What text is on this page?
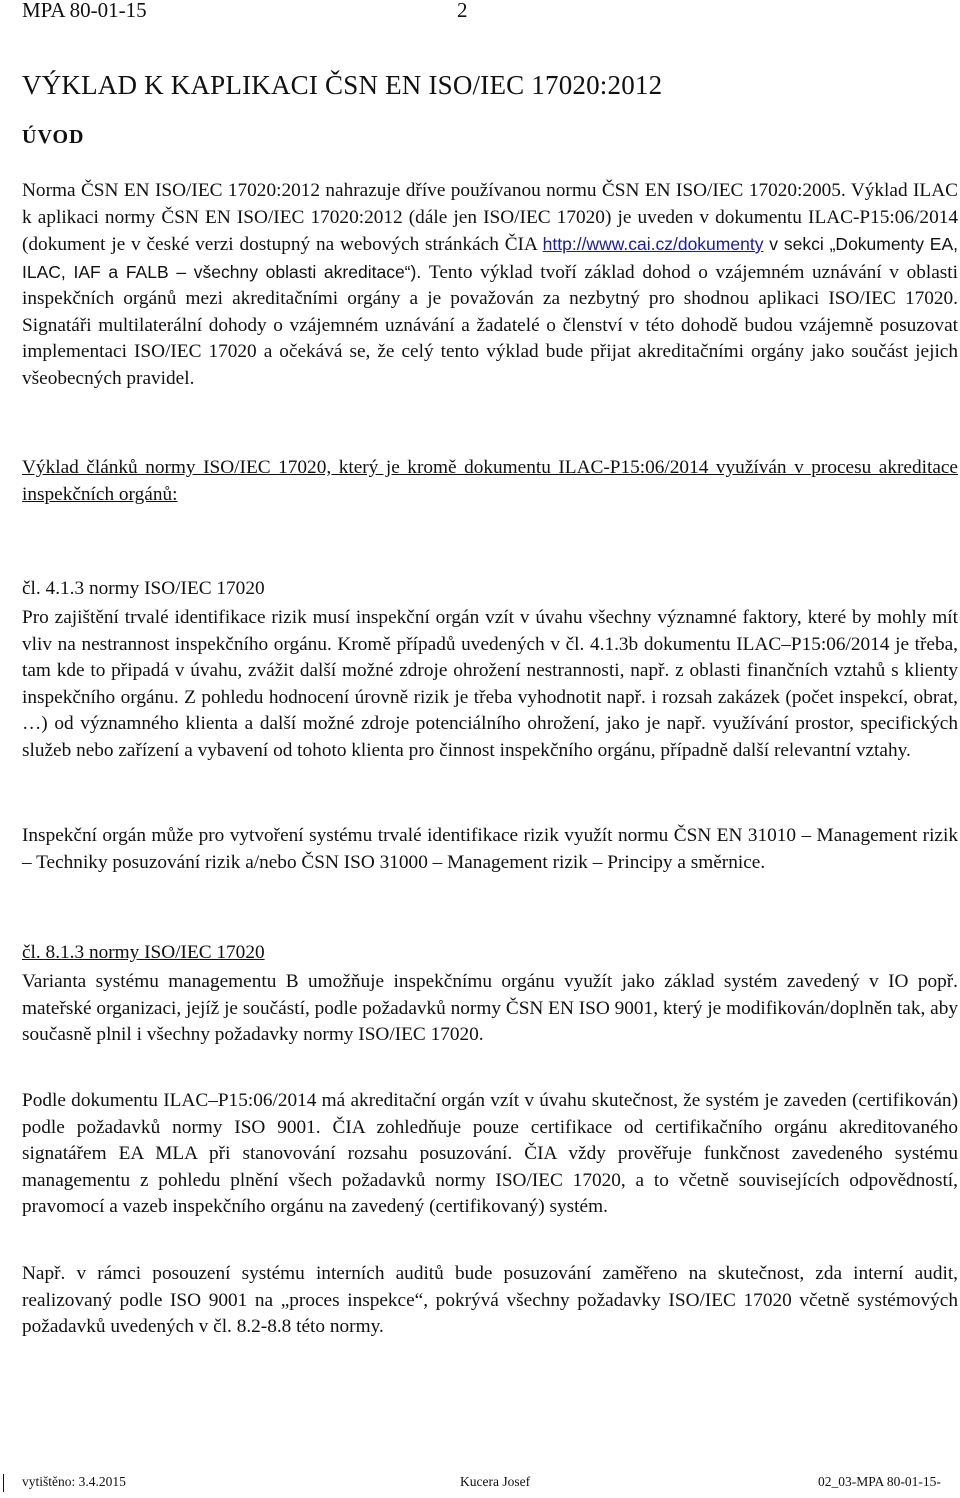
MPA 80-01-15	2
VÝKLAD K KAPLIKACI ČSN EN ISO/IEC 17020:2012
ÚVOD
Norma ČSN EN ISO/IEC 17020:2012 nahrazuje dříve používanou normu ČSN EN ISO/IEC 17020:2005. Výklad ILAC k aplikaci normy ČSN EN ISO/IEC 17020:2012 (dále jen ISO/IEC 17020) je uveden v dokumentu ILAC-P15:06/2014 (dokument je v české verzi dostupný na webových stránkách ČIA http://www.cai.cz/dokumenty v sekci „Dokumenty EA, ILAC, IAF a FALB – všechny oblasti akreditace“). Tento výklad tvoří základ dohod o vzájemném uznávání v oblasti inspekčních orgánů mezi akreditačními orgány a je považován za nezbytný pro shodnou aplikaci ISO/IEC 17020. Signatáři multilaterální dohody o vzájemném uznávání a žadatelé o členství v této dohodě budou vzájemně posuzovat implementaci ISO/IEC 17020 a očekává se, že celý tento výklad bude přijat akreditačními orgány jako součást jejich všeobecných pravidel.
Výklad článků normy ISO/IEC 17020, který je kromě dokumentu ILAC-P15:06/2014 využíván v procesu akreditace inspekčních orgánů:
čl. 4.1.3 normy ISO/IEC 17020
Pro zajištění trvalé identifikace rizik musí inspekční orgán vzít v úvahu všechny významné faktory, které by mohly mít vliv na nestrannost inspekčního orgánu. Kromě případů uvedených v čl. 4.1.3b dokumentu ILAC–P15:06/2014 je třeba, tam kde to připadá v úvahu, zvážit další možné zdroje ohrožení nestrannosti, např. z oblasti finančních vztahů s klienty inspekčního orgánu. Z pohledu hodnocení úrovně rizik je třeba vyhodnotit např. i rozsah zakázek (počet inspekcí, obrat, …) od významného klienta a další možné zdroje potenciálního ohrožení, jako je např. využívání prostor, specifických služeb nebo zařízení a vybavení od tohoto klienta pro činnost inspekčního orgánu, případně další relevantní vztahy.
Inspekční orgán může pro vytvoření systému trvalé identifikace rizik využít normu ČSN EN 31010 – Management rizik – Techniky posuzování rizik a/nebo ČSN ISO 31000 – Management rizik – Principy a směrnice.
čl. 8.1.3 normy ISO/IEC 17020
Varianta systému managementu B umožňuje inspekčnímu orgánu využít jako základ systém zavedený v IO popř. mateřské organizaci, jejíž je součástí, podle požadavků normy ČSN EN ISO 9001, který je modifikován/doplněn tak, aby současně plnil i všechny požadavky normy ISO/IEC 17020.
Podle dokumentu ILAC–P15:06/2014 má akreditační orgán vzít v úvahu skutečnost, že systém je zaveden (certifikován) podle požadavků normy ISO 9001. ČIA zohledňuje pouze certifikace od certifikačního orgánu akreditovaného signatářem EA MLA při stanovování rozsahu posuzování. ČIA vždy prověřuje funkčnost zavedeného systému managementu z pohledu plnění všech požadavků normy ISO/IEC 17020, a to včetně souvisejících odpovědností, pravomocí a vazeb inspekčního orgánu na zavedený (certifikovaný) systém.
Např. v rámci posouzení systému interních auditů bude posuzování zaměřeno na skutečnost, zda interní audit, realizovaný podle ISO 9001 na „proces inspekce“, pokrývá všechny požadavky ISO/IEC 17020 včetně systémových požadavků uvedených v čl. 8.2-8.8 této normy.
vytištěno: 3.4.2015	Kucera Josef	02_03-MPA 80-01-15-
